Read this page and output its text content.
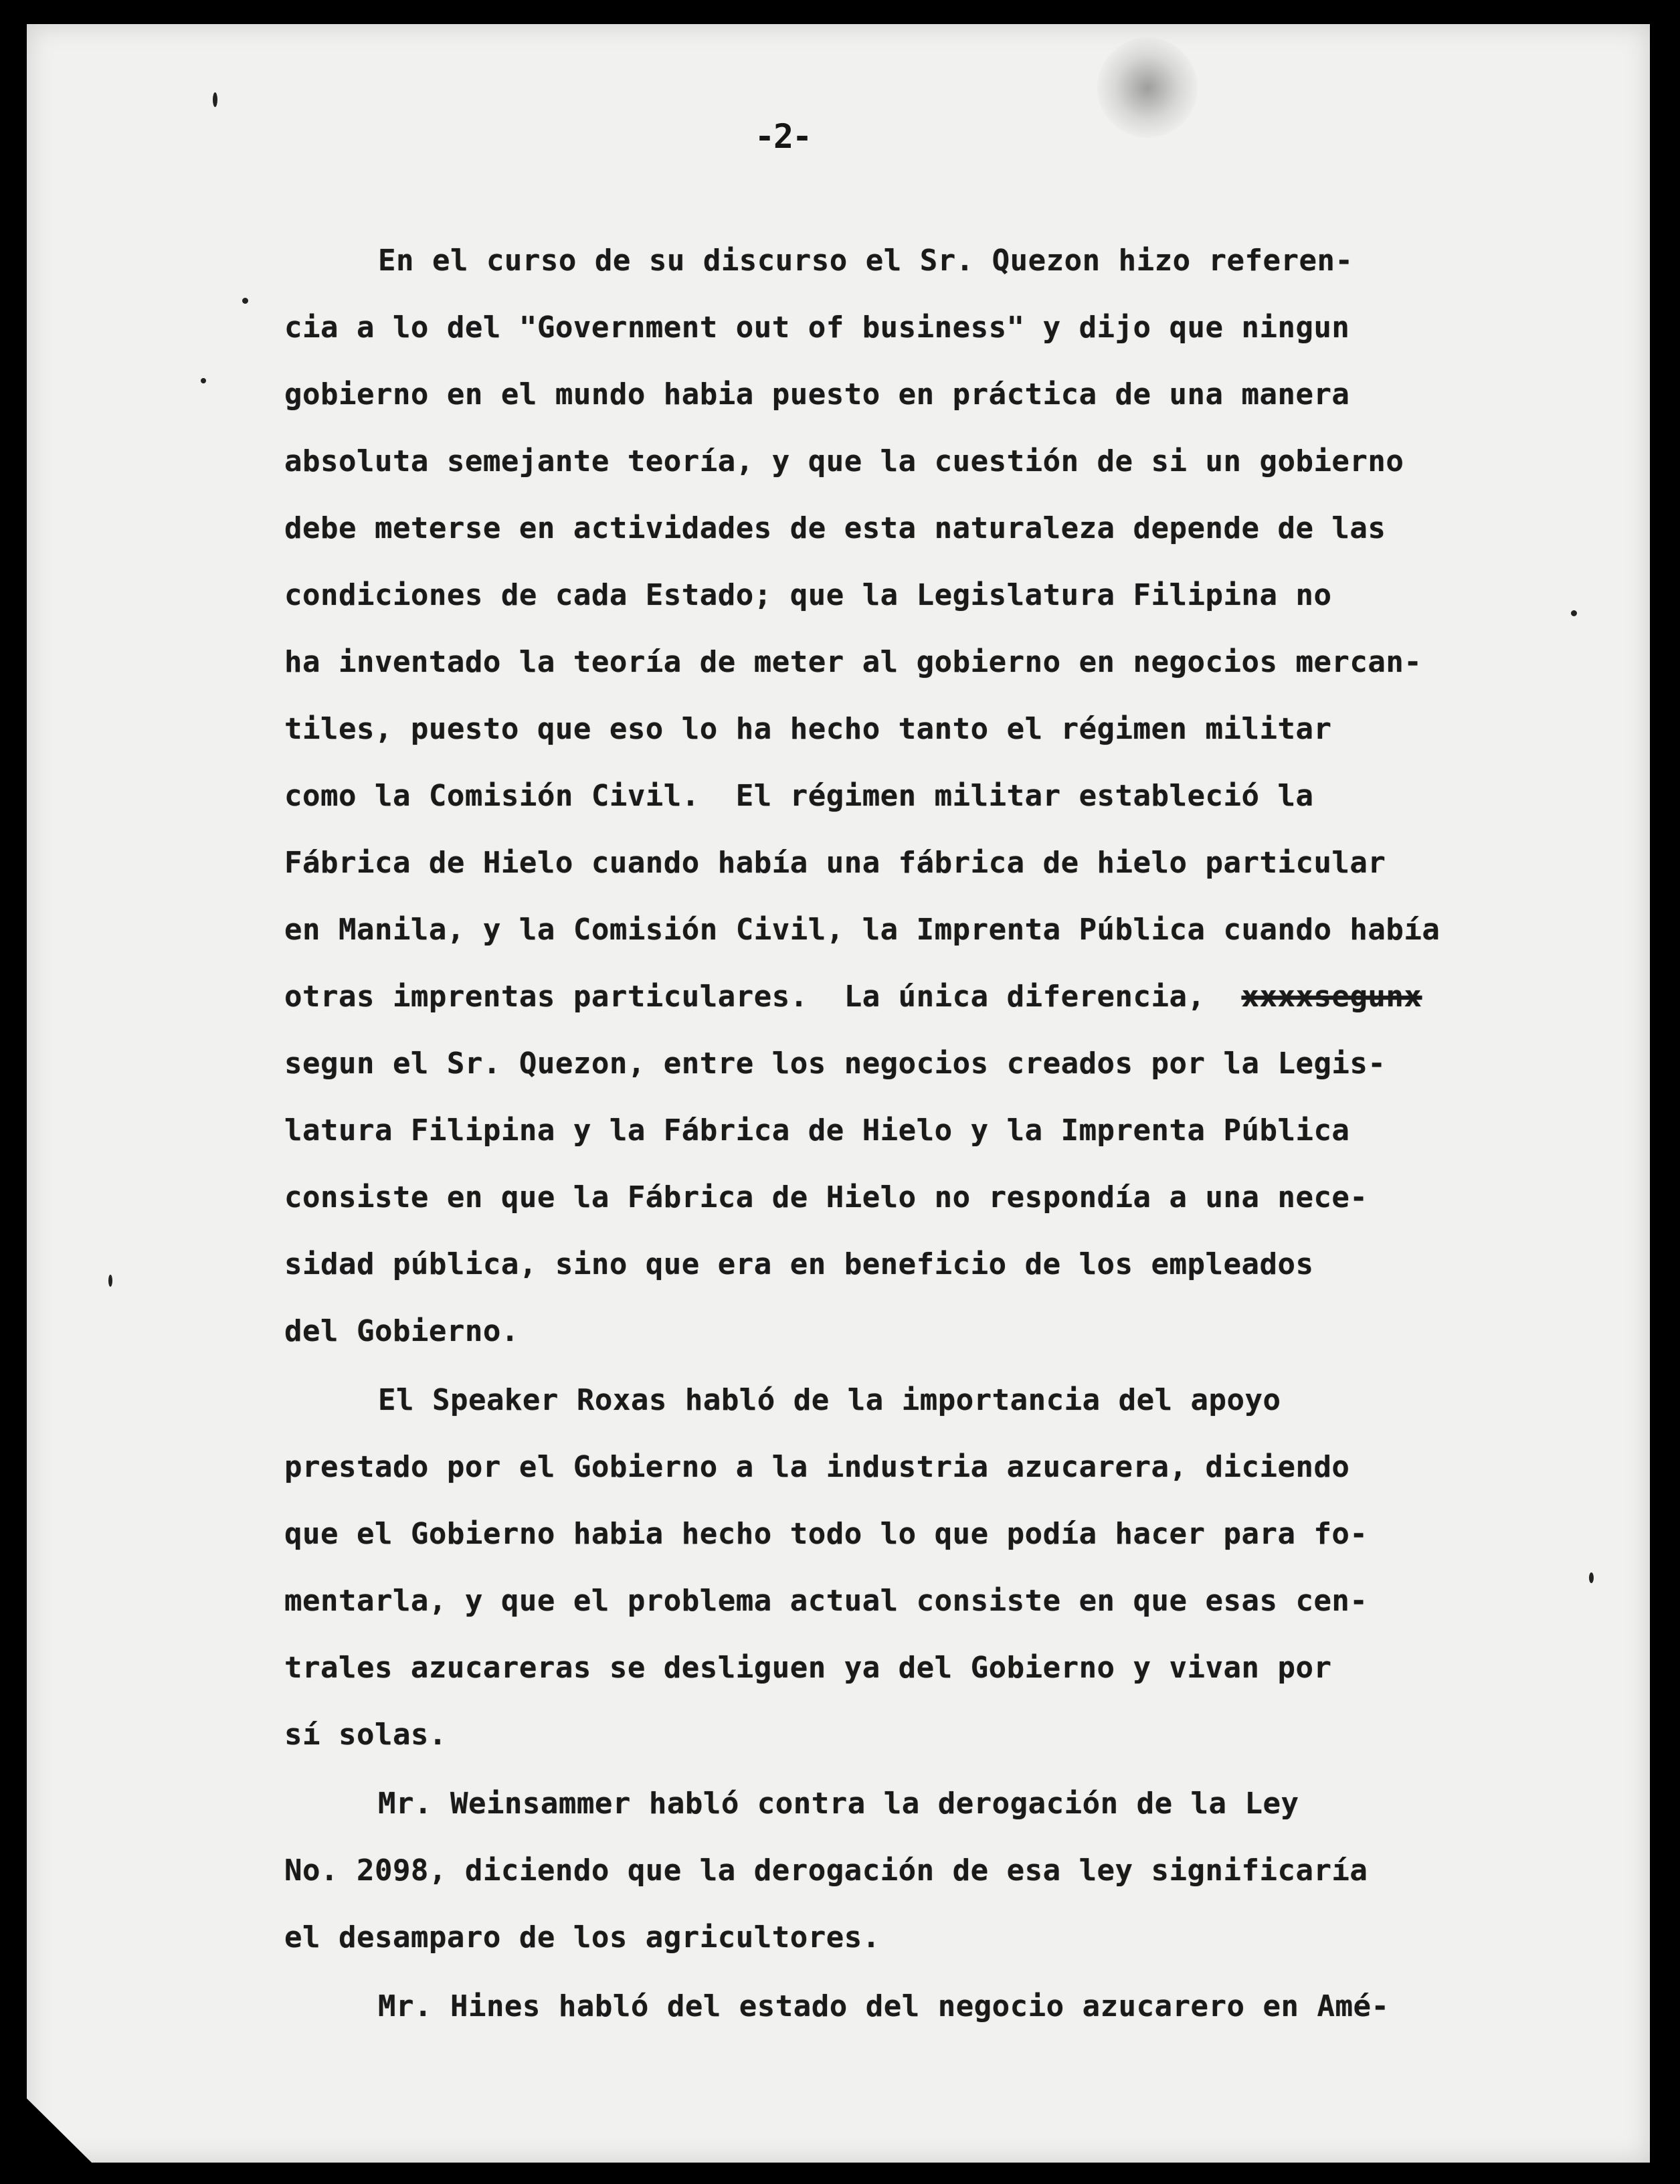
-2-
En el curso de su discurso el Sr. Quezon hizo referen-
cia a lo del "Government out of business" y dijo que ningun
gobierno en el mundo habia puesto en práctica de una manera
absoluta semejante teoría, y que la cuestión de si un gobierno
debe meterse en actividades de esta naturaleza depende de las
condiciones de cada Estado; que la Legislatura Filipina no
ha inventado la teoría de meter al gobierno en negocios mercan-
tiles, puesto que eso lo ha hecho tanto el régimen militar
como la Comisión Civil.  El régimen militar estableció la
Fábrica de Hielo cuando había una fábrica de hielo particular
en Manila, y la Comisión Civil, la Imprenta Pública cuando había
otras imprentas particulares.  La única diferencia, xxxxsegunx
segun el Sr. Quezon, entre los negocios creados por la Legis-
latura Filipina y la Fábrica de Hielo y la Imprenta Pública
consiste en que la Fábrica de Hielo no respondía a una nece-
sidad pública, sino que era en beneficio de los empleados
del Gobierno.
El Speaker Roxas habló de la importancia del apoyo
prestado por el Gobierno a la industria azucarera, diciendo
que el Gobierno habia hecho todo lo que podía hacer para fo-
mentarla, y que el problema actual consiste en que esas cen-
trales azucareras se desliguen ya del Gobierno y vivan por
sí solas.
Mr. Weinsammer habló contra la derogación de la Ley
No. 2098, diciendo que la derogación de esa ley significaría
el desamparo de los agricultores.
Mr. Hines habló del estado del negocio azucarero en Amé-
